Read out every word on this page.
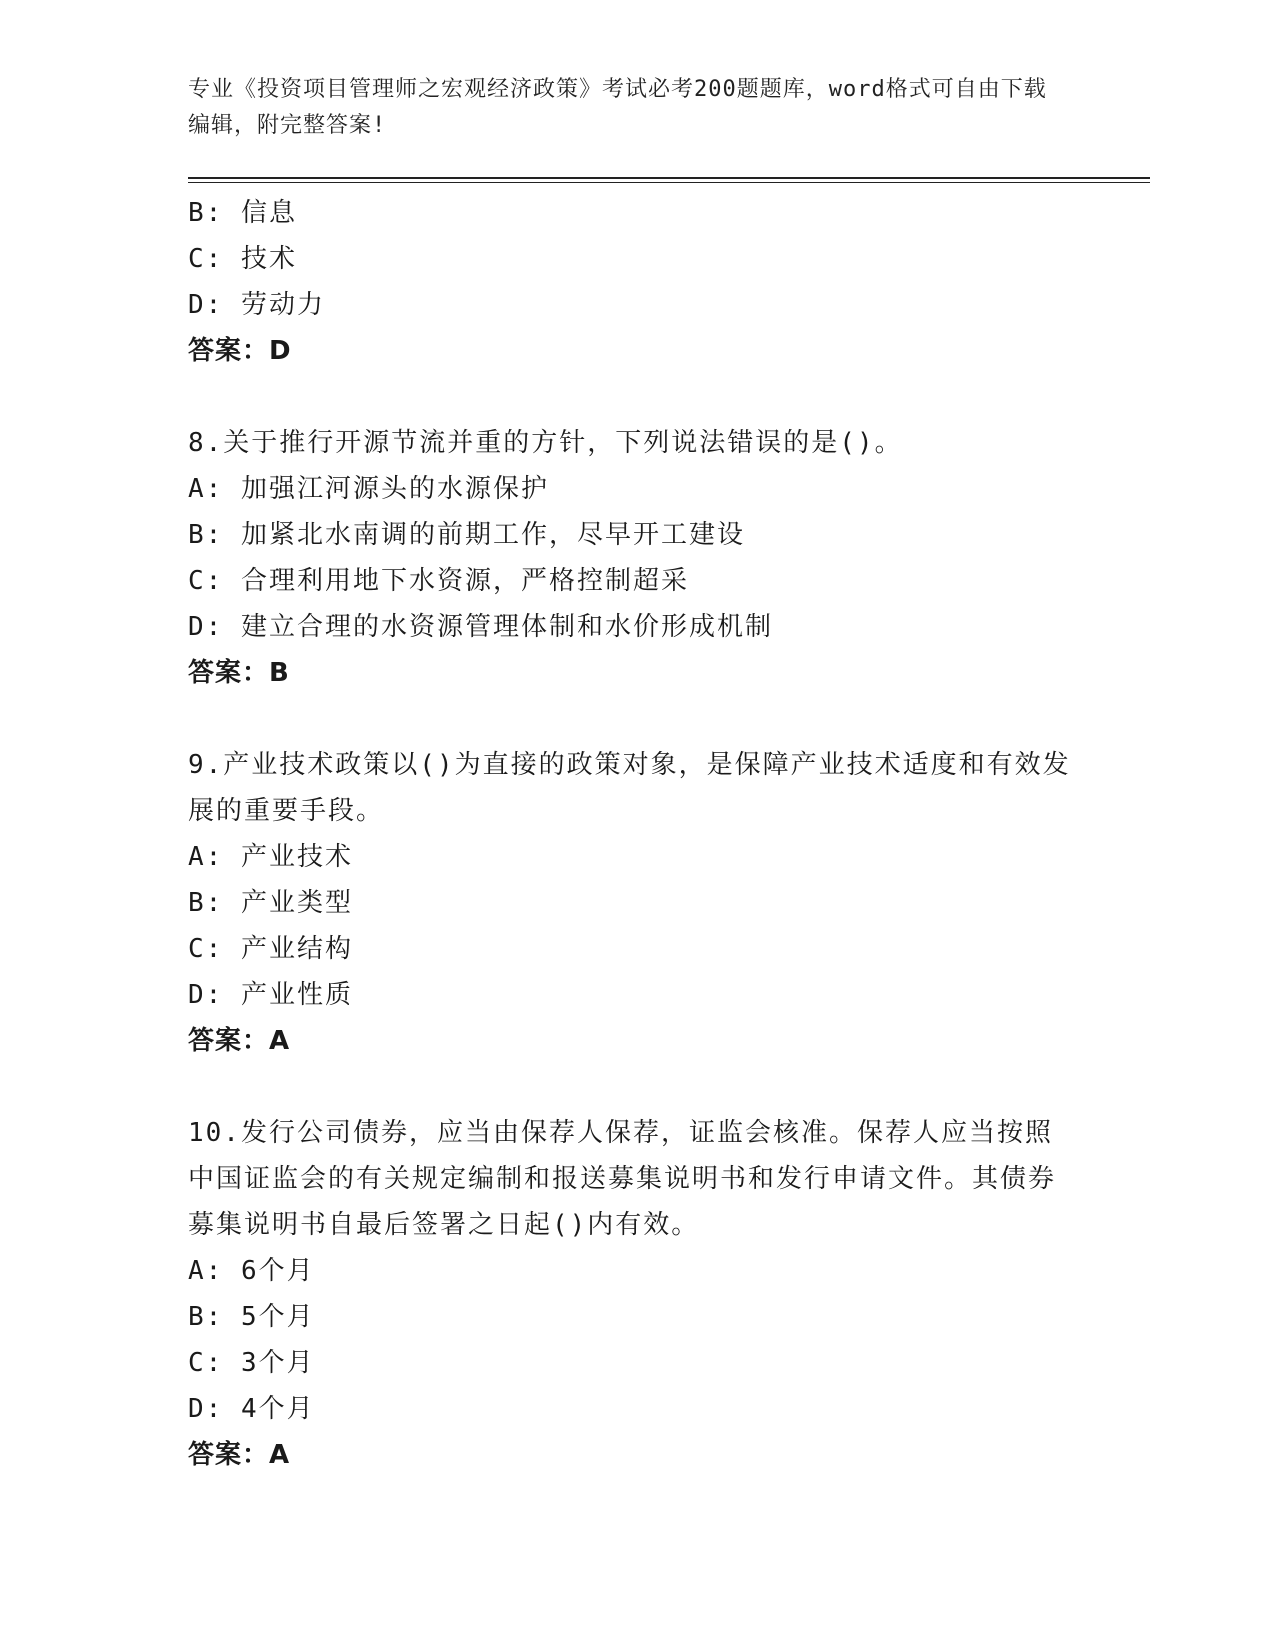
专业《投资项目管理师之宏观经济政策》考试必考200题题库，word格式可自由下载编辑，附完整答案!
B: 信息
C: 技术
D: 劳动力
答案：D
8.关于推行开源节流并重的方针，下列说法错误的是()。
A: 加强江河源头的水源保护
B: 加紧北水南调的前期工作，尽早开工建设
C: 合理利用地下水资源，严格控制超采
D: 建立合理的水资源管理体制和水价形成机制
答案：B
9.产业技术政策以()为直接的政策对象，是保障产业技术适度和有效发展的重要手段。
A: 产业技术
B: 产业类型
C: 产业结构
D: 产业性质
答案：A
10.发行公司债券，应当由保荐人保荐，证监会核准。保荐人应当按照中国证监会的有关规定编制和报送募集说明书和发行申请文件。其债券募集说明书自最后签署之日起()内有效。
A: 6个月
B: 5个月
C: 3个月
D: 4个月
答案：A
